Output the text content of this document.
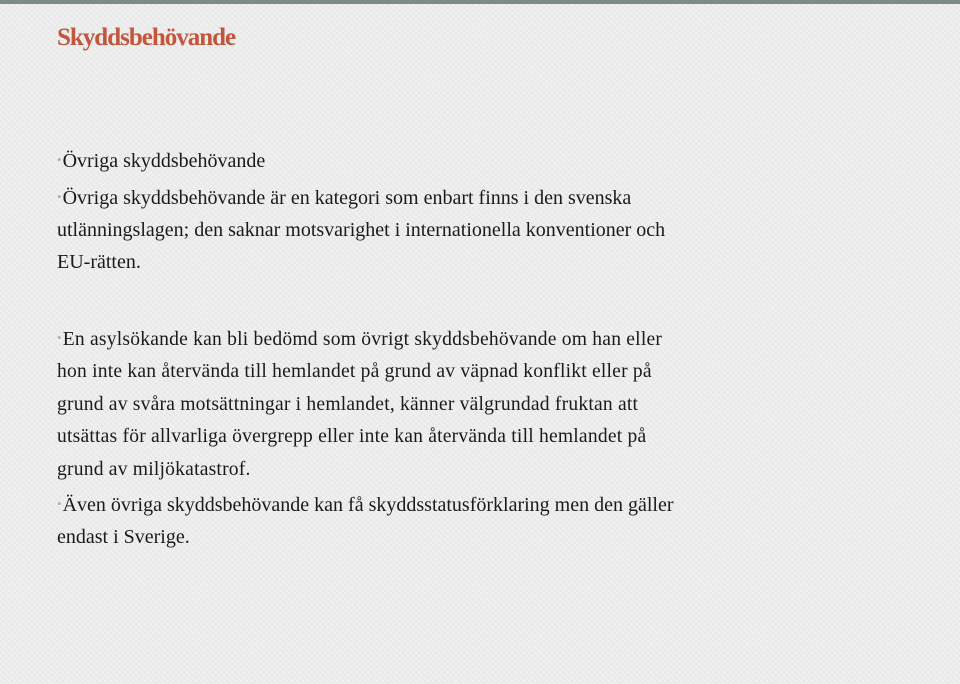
Skyddsbehövande

•Övriga skyddsbehövande

•Övriga skyddsbehövande är en kategori som enbart finns i den svenska
utlänningslagen; den saknar motsvarighet i internationella konventioner och
EU-rätten.

•En asylsökande kan bli bedömd som övrigt skyddsbehövande om han eller
hon inte kan återvända till hemlandet på grund av väpnad konflikt eller på
grund av svåra motsättningar i hemlandet, känner välgrundad fruktan att
utsättas för allvarliga övergrepp eller inte kan återvända till hemlandet på
grund av miljökatastrof.

•Även övriga skyddsbehövande kan få skyddsstatusförklaring men den gäller
endast i Sverige.
